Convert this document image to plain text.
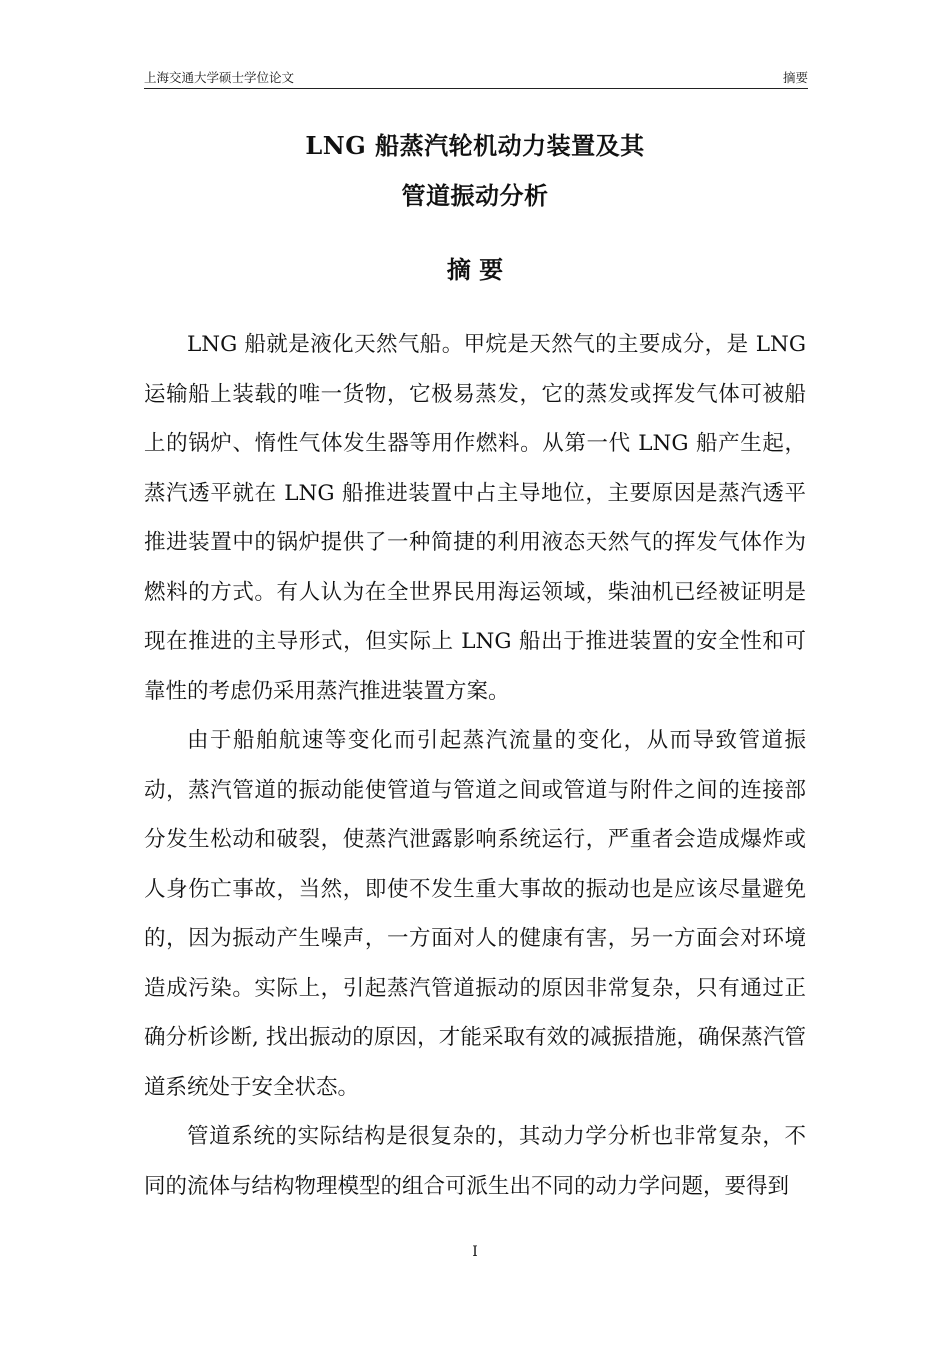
上海交通大学硕士学位论文	摘要
LNG 船蒸汽轮机动力装置及其
管道振动分析
摘 要

LNG 船就是液化天然气船。甲烷是天然气的主要成分，是 LNG 运输船上装载的唯一货物，它极易蒸发，它的蒸发或挥发气体可被船上的锅炉、惰性气体发生器等用作燃料。从第一代 LNG 船产生起，蒸汽透平就在 LNG 船推进装置中占主导地位，主要原因是蒸汽透平推进装置中的锅炉提供了一种简捷的利用液态天然气的挥发气体作为燃料的方式。有人认为在全世界民用海运领域，柴油机已经被证明是现在推进的主导形式，但实际上 LNG 船出于推进装置的安全性和可靠性的考虑仍采用蒸汽推进装置方案。

由于船舶航速等变化而引起蒸汽流量的变化，从而导致管道振动，蒸汽管道的振动能使管道与管道之间或管道与附件之间的连接部分发生松动和破裂，使蒸汽泄露影响系统运行，严重者会造成爆炸或人身伤亡事故，当然，即使不发生重大事故的振动也是应该尽量避免的，因为振动产生噪声，一方面对人的健康有害，另一方面会对环境造成污染。实际上，引起蒸汽管道振动的原因非常复杂，只有通过正确分析诊断, 找出振动的原因，才能采取有效的减振措施，确保蒸汽管道系统处于安全状态。

管道系统的实际结构是很复杂的，其动力学分析也非常复杂，不同的流体与结构物理模型的组合可派生出不同的动力学问题，要得到

I
